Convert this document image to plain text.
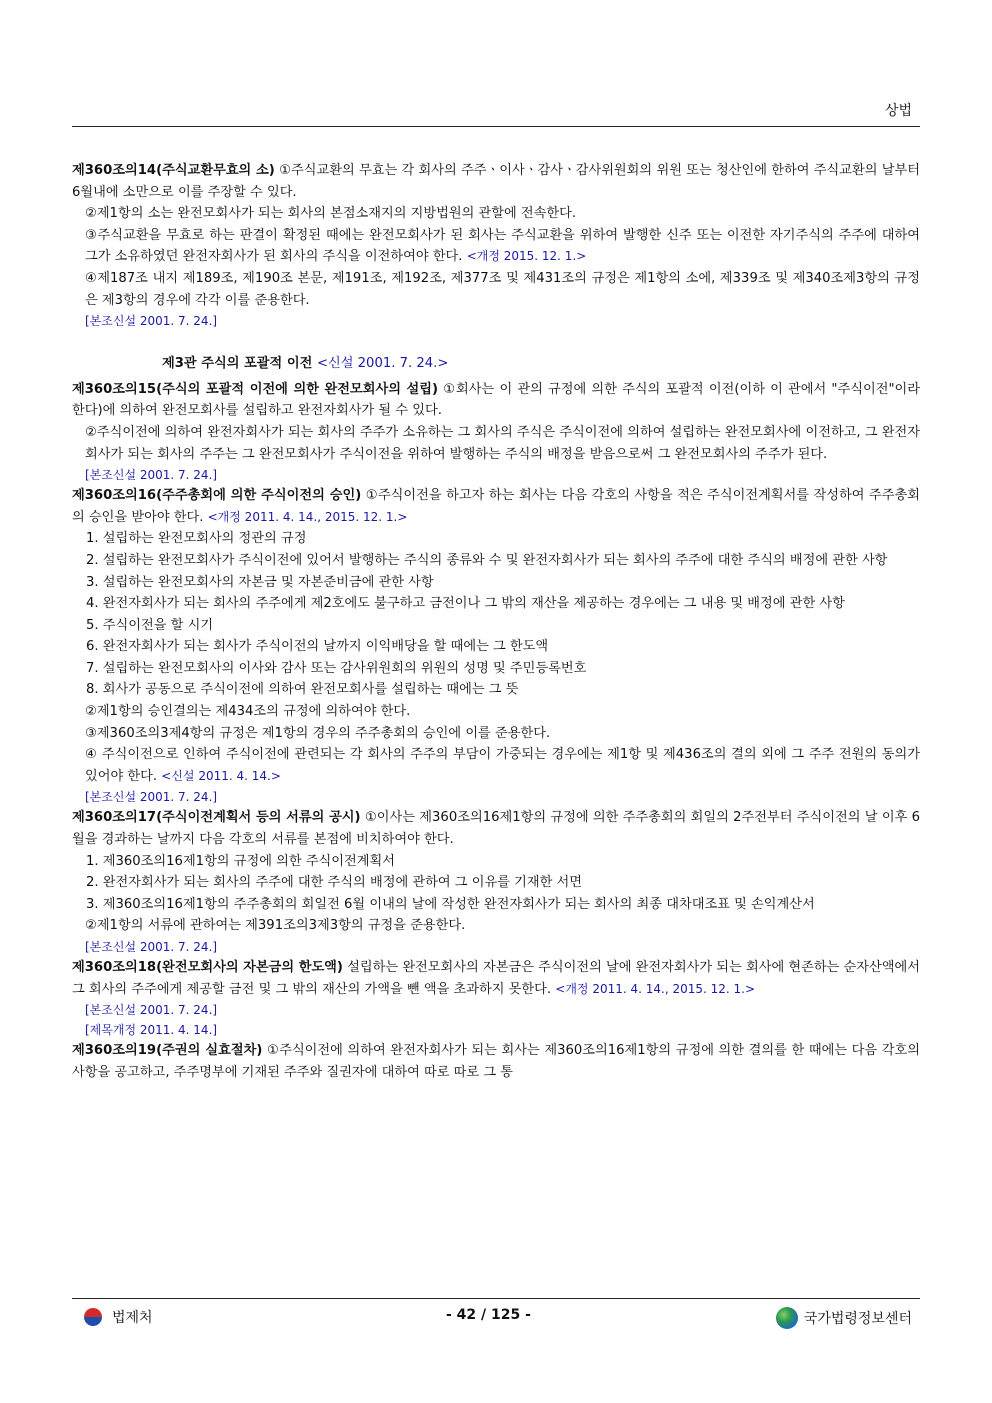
상법
제360조의14(주식교환무효의 소) ①주식교환의 무효는 각 회사의 주주ㆍ이사ㆍ감사ㆍ감사위원회의 위원 또는 청산인에 한하여 주식교환의 날부터 6월내에 소만으로 이를 주장할 수 있다.
②제1항의 소는 완전모회사가 되는 회사의 본점소재지의 지방법원의 관할에 전속한다.
③주식교환을 무효로 하는 판결이 확정된 때에는 완전모회사가 된 회사는 주식교환을 위하여 발행한 신주 또는 이전한 자기주식의 주주에 대하여 그가 소유하였던 완전자회사가 된 회사의 주식을 이전하여야 한다. <개정 2015. 12. 1.>
④제187조 내지 제189조, 제190조 본문, 제191조, 제192조, 제377조 및 제431조의 규정은 제1항의 소에, 제339조 및 제340조제3항의 규정은 제3항의 경우에 각각 이를 준용한다.
[본조신설 2001. 7. 24.]
제3관 주식의 포괄적 이전 <신설 2001. 7. 24.>
제360조의15(주식의 포괄적 이전에 의한 완전모회사의 설립) ①회사는 이 관의 규정에 의한 주식의 포괄적 이전(이하 이 관에서 "주식이전"이라 한다)에 의하여 완전모회사를 설립하고 완전자회사가 될 수 있다.
②주식이전에 의하여 완전자회사가 되는 회사의 주주가 소유하는 그 회사의 주식은 주식이전에 의하여 설립하는 완전모회사에 이전하고, 그 완전자회사가 되는 회사의 주주는 그 완전모회사가 주식이전을 위하여 발행하는 주식의 배정을 받음으로써 그 완전모회사의 주주가 된다.
[본조신설 2001. 7. 24.]
제360조의16(주주총회에 의한 주식이전의 승인) ①주식이전을 하고자 하는 회사는 다음 각호의 사항을 적은 주식이전계획서를 작성하여 주주총회의 승인을 받아야 한다. <개정 2011. 4. 14., 2015. 12. 1.>
1. 설립하는 완전모회사의 정관의 규정
2. 설립하는 완전모회사가 주식이전에 있어서 발행하는 주식의 종류와 수 및 완전자회사가 되는 회사의 주주에 대한 주식의 배정에 관한 사항
3. 설립하는 완전모회사의 자본금 및 자본준비금에 관한 사항
4. 완전자회사가 되는 회사의 주주에게 제2호에도 불구하고 금전이나 그 밖의 재산을 제공하는 경우에는 그 내용 및 배정에 관한 사항
5. 주식이전을 할 시기
6. 완전자회사가 되는 회사가 주식이전의 날까지 이익배당을 할 때에는 그 한도액
7. 설립하는 완전모회사의 이사와 감사 또는 감사위원회의 위원의 성명 및 주민등록번호
8. 회사가 공동으로 주식이전에 의하여 완전모회사를 설립하는 때에는 그 뜻
②제1항의 승인결의는 제434조의 규정에 의하여야 한다.
③제360조의3제4항의 규정은 제1항의 경우의 주주총회의 승인에 이를 준용한다.
④ 주식이전으로 인하여 주식이전에 관련되는 각 회사의 주주의 부담이 가중되는 경우에는 제1항 및 제436조의 결의 외에 그 주주 전원의 동의가 있어야 한다. <신설 2011. 4. 14.>
[본조신설 2001. 7. 24.]
제360조의17(주식이전계획서 등의 서류의 공시) ①이사는 제360조의16제1항의 규정에 의한 주주총회의 회일의 2주전부터 주식이전의 날 이후 6월을 경과하는 날까지 다음 각호의 서류를 본점에 비치하여야 한다.
1. 제360조의16제1항의 규정에 의한 주식이전계획서
2. 완전자회사가 되는 회사의 주주에 대한 주식의 배정에 관하여 그 이유를 기재한 서면
3. 제360조의16제1항의 주주총회의 회일전 6월 이내의 날에 작성한 완전자회사가 되는 회사의 최종 대차대조표 및 손익계산서
②제1항의 서류에 관하여는 제391조의3제3항의 규정을 준용한다.
[본조신설 2001. 7. 24.]
제360조의18(완전모회사의 자본금의 한도액) 설립하는 완전모회사의 자본금은 주식이전의 날에 완전자회사가 되는 회사에 현존하는 순자산액에서 그 회사의 주주에게 제공할 금전 및 그 밖의 재산의 가액을 뺀 액을 초과하지 못한다. <개정 2011. 4. 14., 2015. 12. 1.>
[본조신설 2001. 7. 24.]
[제목개정 2011. 4. 14.]
제360조의19(주권의 실효절차) ①주식이전에 의하여 완전자회사가 되는 회사는 제360조의16제1항의 규정에 의한 결의를 한 때에는 다음 각호의 사항을 공고하고, 주주명부에 기재된 주주와 질권자에 대하여 따로 따로 그 통
법제처	- 42 / 125 -	국가법령정보센터
